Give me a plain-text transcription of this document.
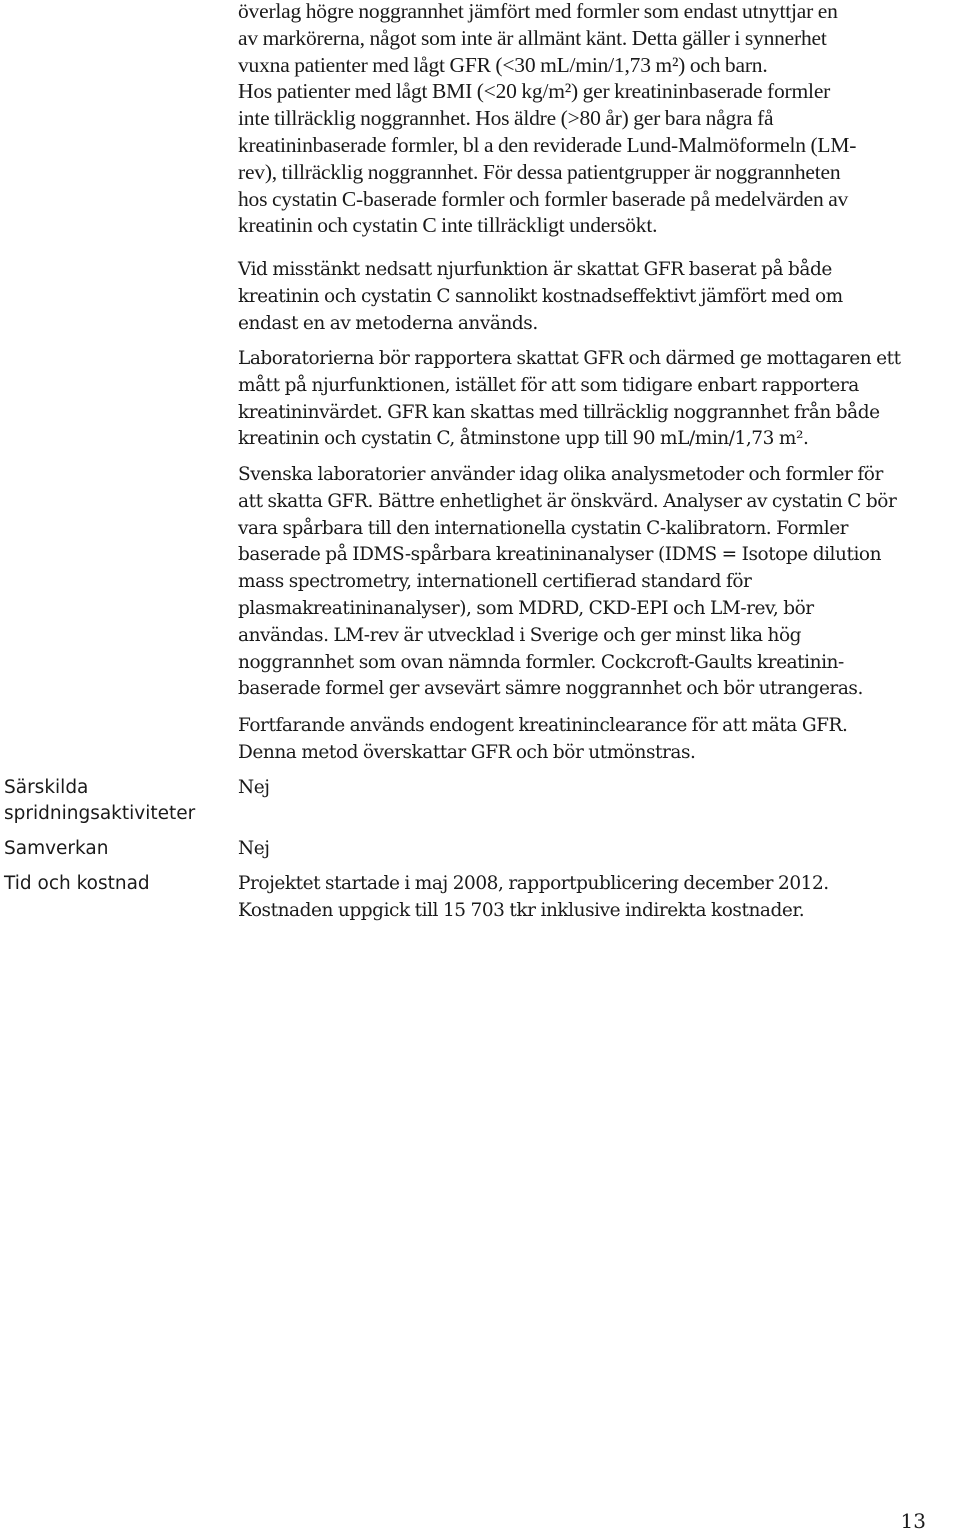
överlag högre noggrannhet jämfört med formler som endast utnyttjar en
av markörerna, något som inte är allmänt känt. Detta gäller i synnerhet
vuxna patienter med lågt GFR (<30 mL/min/1,73 m²) och barn.
Hos patienter med lågt BMI (<20 kg/m²) ger kreatininbaserade formler
inte tillräcklig noggrannhet. Hos äldre (>80 år) ger bara några få
kreatininbaserade formler, bl a den reviderade Lund-Malmöformeln (LM-
rev), tillräcklig noggrannhet. För dessa patientgrupper är noggrannheten
hos cystatin C-baserade formler och formler baserade på medelvärden av
kreatinin och cystatin C inte tillräckligt undersökt.

Vid misstänkt nedsatt njurfunktion är skattat GFR baserat på både
kreatinin och cystatin C sannolikt kostnadseffektivt jämfört med om
endast en av metoderna används.

Laboratorierna bör rapportera skattat GFR och därmed ge mottagaren ett
mått på njurfunktionen, istället för att som tidigare enbart rapportera
kreatininvärdet. GFR kan skattas med tillräcklig noggrannhet från både
kreatinin och cystatin C, åtminstone upp till 90 mL/min/1,73 m².

Svenska laboratorier använder idag olika analysmetoder och formler för
att skatta GFR. Bättre enhetlighet är önskvärd. Analyser av cystatin C bör
vara spårbara till den internationella cystatin C-kalibratorn. Formler
baserade på IDMS-spårbara kreatininanalyser (IDMS = Isotope dilution
mass spectrometry, internationell certifierad standard för
plasmakreatininanalyser), som MDRD, CKD-EPI och LM-rev, bör
användas. LM-rev är utvecklad i Sverige och ger minst lika hög
noggrannhet som ovan nämnda formler. Cockcroft-Gaults kreatinin-
baserade formel ger avsevärt sämre noggrannhet och bör utrangeras.

Fortfarande används endogent kreatininclearance för att mäta GFR.
Denna metod överskattar GFR och bör utmönstras.

Särskilda
spridningsaktiviteter

Nej

Samverkan	Nej

Tid och kostnad	Projektet startade i maj 2008, rapportpublicering december 2012.
Kostnaden uppgick till 15 703 tkr inklusive indirekta kostnader.

13
